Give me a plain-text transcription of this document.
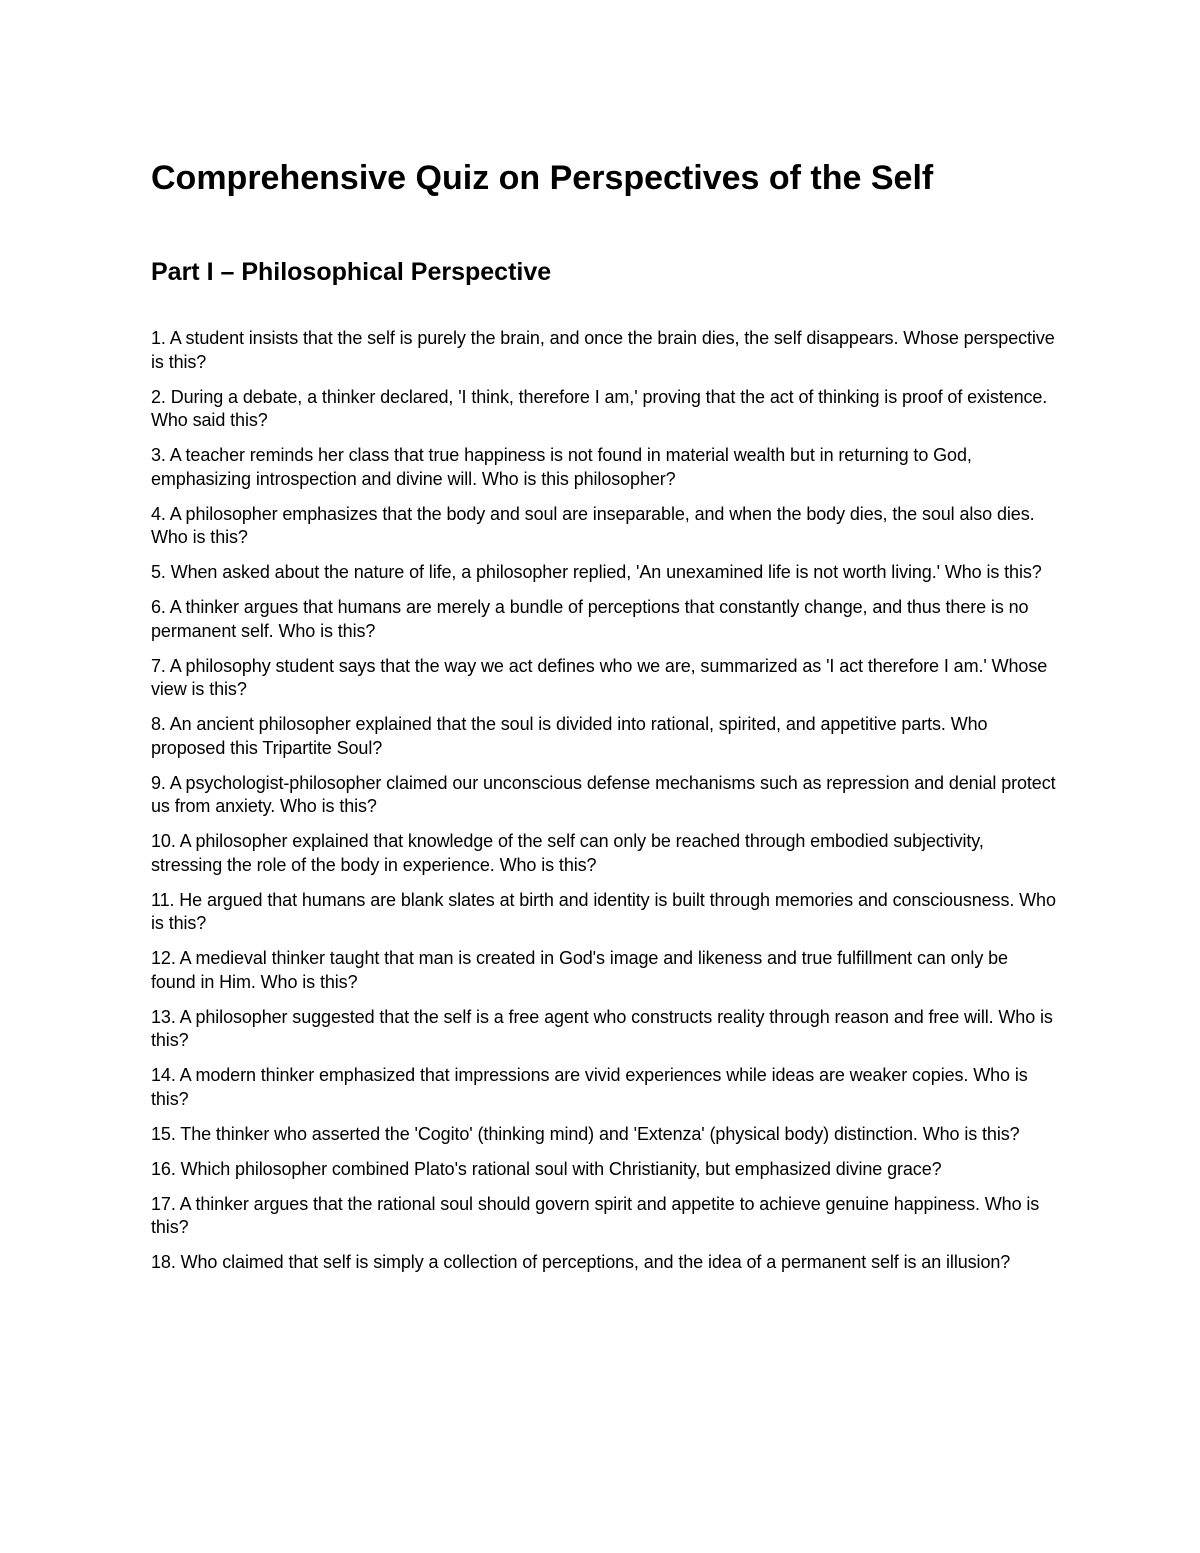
Comprehensive Quiz on Perspectives of the Self
Part I – Philosophical Perspective
1. A student insists that the self is purely the brain, and once the brain dies, the self disappears. Whose perspective is this?
2. During a debate, a thinker declared, 'I think, therefore I am,' proving that the act of thinking is proof of existence. Who said this?
3. A teacher reminds her class that true happiness is not found in material wealth but in returning to God, emphasizing introspection and divine will. Who is this philosopher?
4. A philosopher emphasizes that the body and soul are inseparable, and when the body dies, the soul also dies. Who is this?
5. When asked about the nature of life, a philosopher replied, 'An unexamined life is not worth living.' Who is this?
6. A thinker argues that humans are merely a bundle of perceptions that constantly change, and thus there is no permanent self. Who is this?
7. A philosophy student says that the way we act defines who we are, summarized as 'I act therefore I am.' Whose view is this?
8. An ancient philosopher explained that the soul is divided into rational, spirited, and appetitive parts. Who proposed this Tripartite Soul?
9. A psychologist-philosopher claimed our unconscious defense mechanisms such as repression and denial protect us from anxiety. Who is this?
10. A philosopher explained that knowledge of the self can only be reached through embodied subjectivity, stressing the role of the body in experience. Who is this?
11. He argued that humans are blank slates at birth and identity is built through memories and consciousness. Who is this?
12. A medieval thinker taught that man is created in God's image and likeness and true fulfillment can only be found in Him. Who is this?
13. A philosopher suggested that the self is a free agent who constructs reality through reason and free will. Who is this?
14. A modern thinker emphasized that impressions are vivid experiences while ideas are weaker copies. Who is this?
15. The thinker who asserted the 'Cogito' (thinking mind) and 'Extenza' (physical body) distinction. Who is this?
16. Which philosopher combined Plato's rational soul with Christianity, but emphasized divine grace?
17. A thinker argues that the rational soul should govern spirit and appetite to achieve genuine happiness. Who is this?
18. Who claimed that self is simply a collection of perceptions, and the idea of a permanent self is an illusion?
